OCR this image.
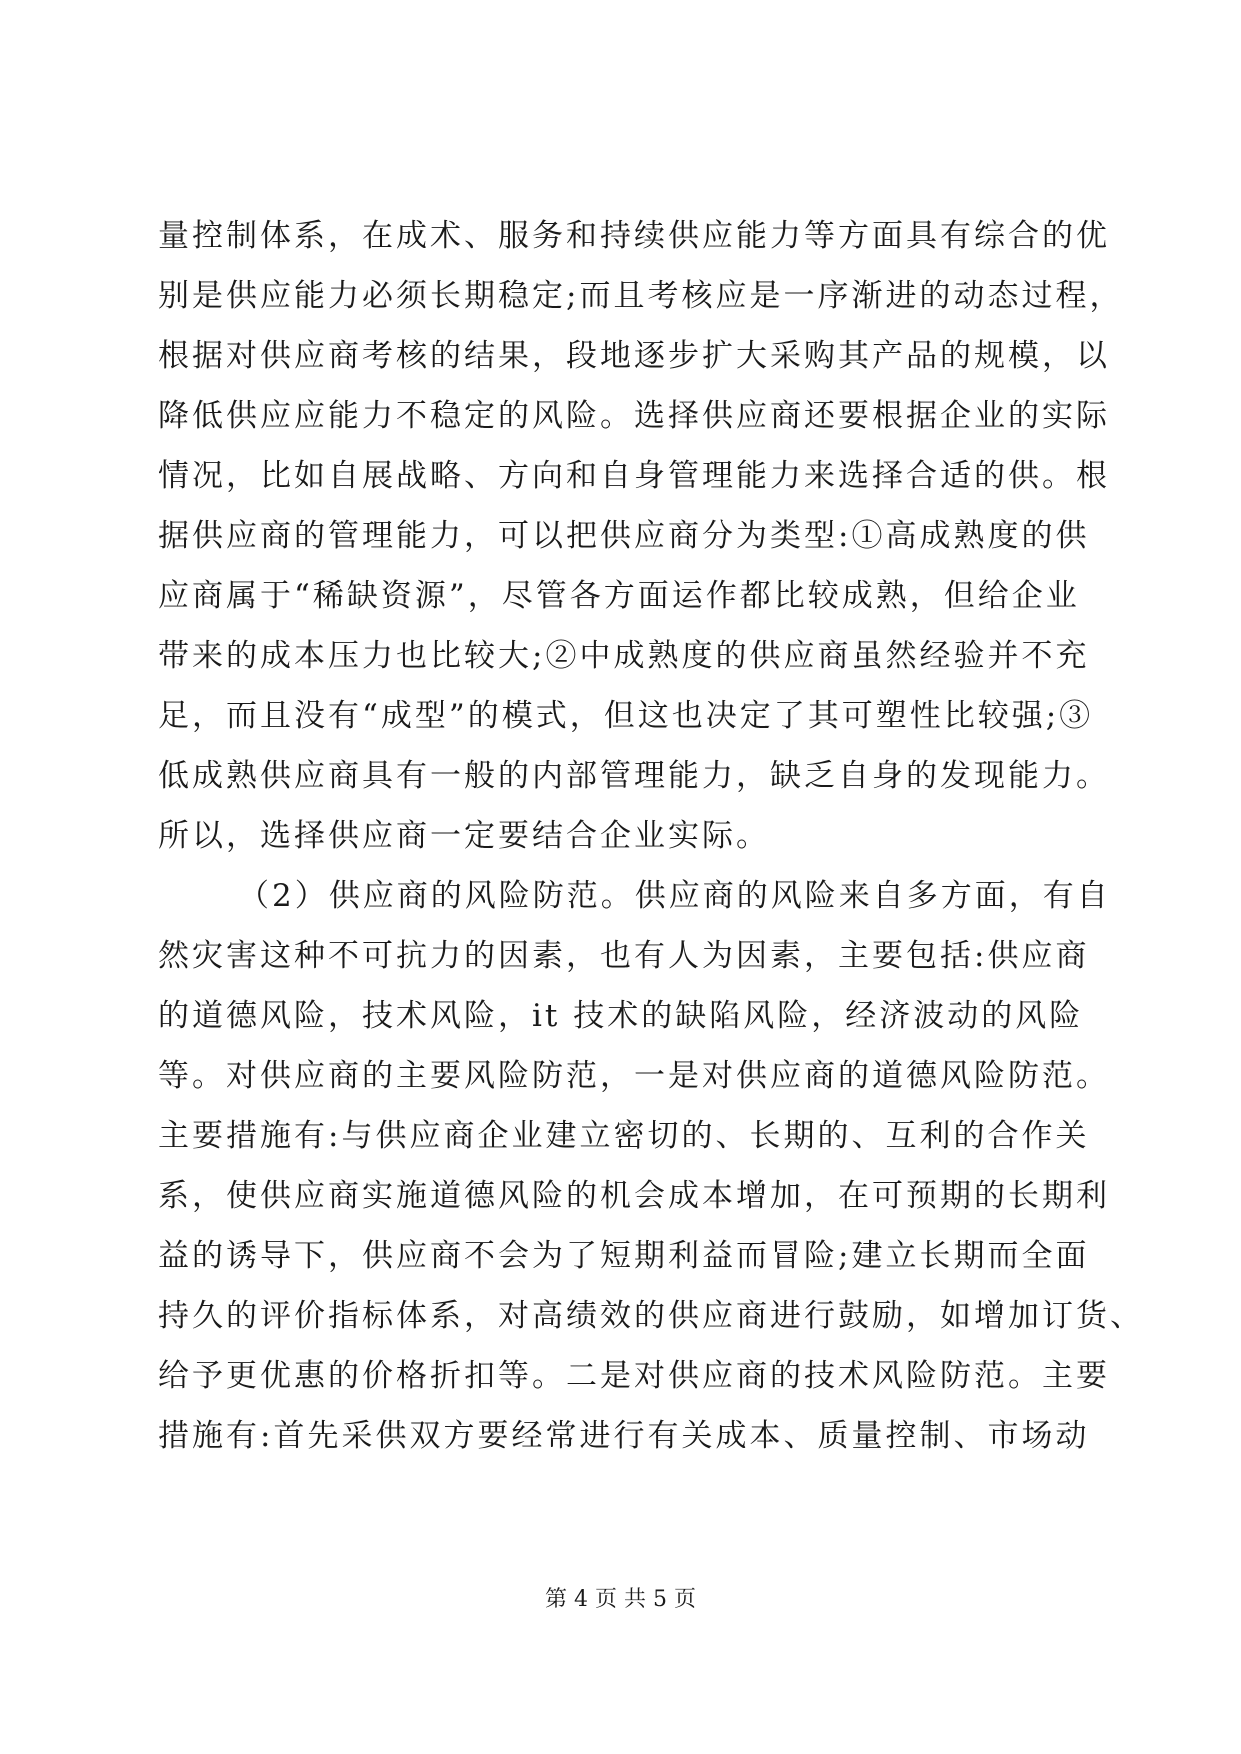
量控制体系，在成术、服务和持续供应能力等方面具有综合的优
别是供应能力必须长期稳定;而且考核应是一序渐进的动态过程，
根据对供应商考核的结果，段地逐步扩大采购其产品的规模，以
降低供应应能力不稳定的风险。选择供应商还要根据企业的实际
情况，比如自展战略、方向和自身管理能力来选择合适的供。根
据供应商的管理能力，可以把供应商分为类型:①高成熟度的供
应商属于“稀缺资源”，尽管各方面运作都比较成熟，但给企业
带来的成本压力也比较大;②中成熟度的供应商虽然经验并不充
足，而且没有“成型”的模式，但这也决定了其可塑性比较强;③
低成熟供应商具有一般的内部管理能力，缺乏自身的发现能力。
所以，选择供应商一定要结合企业实际。
（2）供应商的风险防范。供应商的风险来自多方面，有自
然灾害这种不可抗力的因素，也有人为因素，主要包括:供应商
的道德风险，技术风险，it 技术的缺陷风险，经济波动的风险
等。对供应商的主要风险防范，一是对供应商的道德风险防范。
主要措施有:与供应商企业建立密切的、长期的、互利的合作关
系，使供应商实施道德风险的机会成本增加，在可预期的长期利
益的诱导下，供应商不会为了短期利益而冒险;建立长期而全面
持久的评价指标体系，对高绩效的供应商进行鼓励，如增加订货、
给予更优惠的价格折扣等。二是对供应商的技术风险防范。主要
措施有:首先采供双方要经常进行有关成本、质量控制、市场动
第 4 页 共 5 页
